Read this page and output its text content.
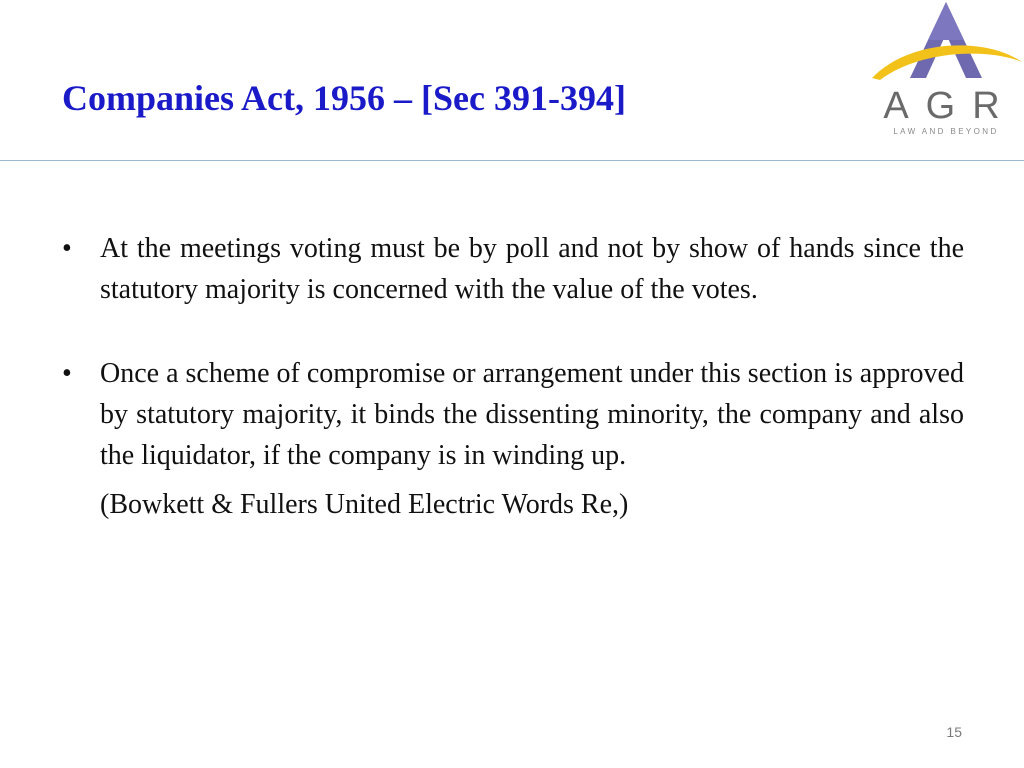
Companies Act, 1956 – [Sec 391-394]	AGR
LAW AND BEYOND

• At the meetings voting must be by poll and not by show of hands since the statutory majority is concerned with the value of the votes.

• Once a scheme of compromise or arrangement under this section is approved by statutory majority, it binds the dissenting minority, the company and also the liquidator, if the company is in winding up.

(Bowkett & Fullers United Electric Words Re,)

15
